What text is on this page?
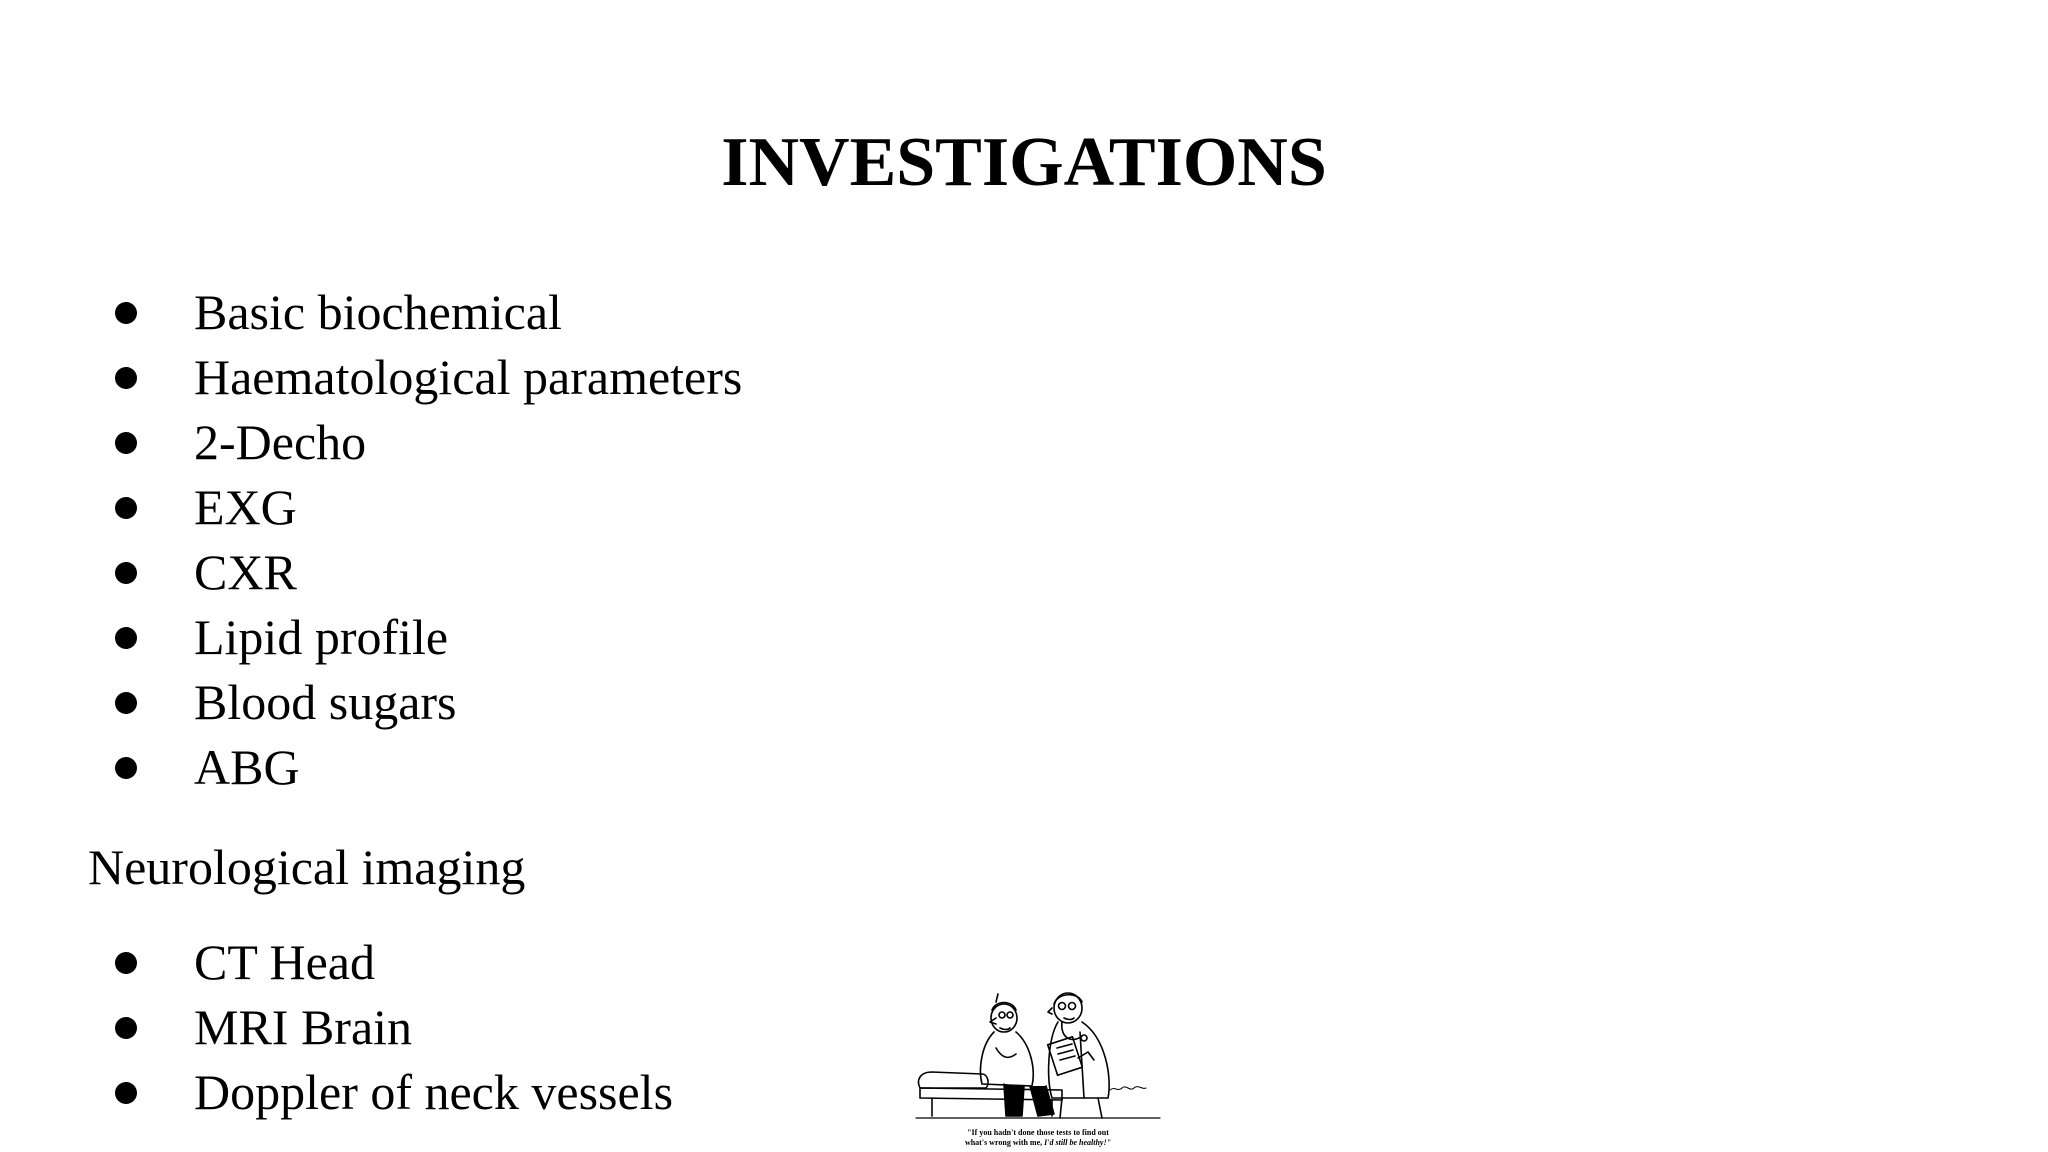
INVESTIGATIONS
Basic biochemical
Haematological parameters
2-Decho
EXG
CXR
Lipid profile
Blood sugars
ABG

Neurological imaging

CT Head
MRI Brain
Doppler of neck vessels
"If you hadn't done those tests to find out
what's wrong with me, I'd still be healthy!"
